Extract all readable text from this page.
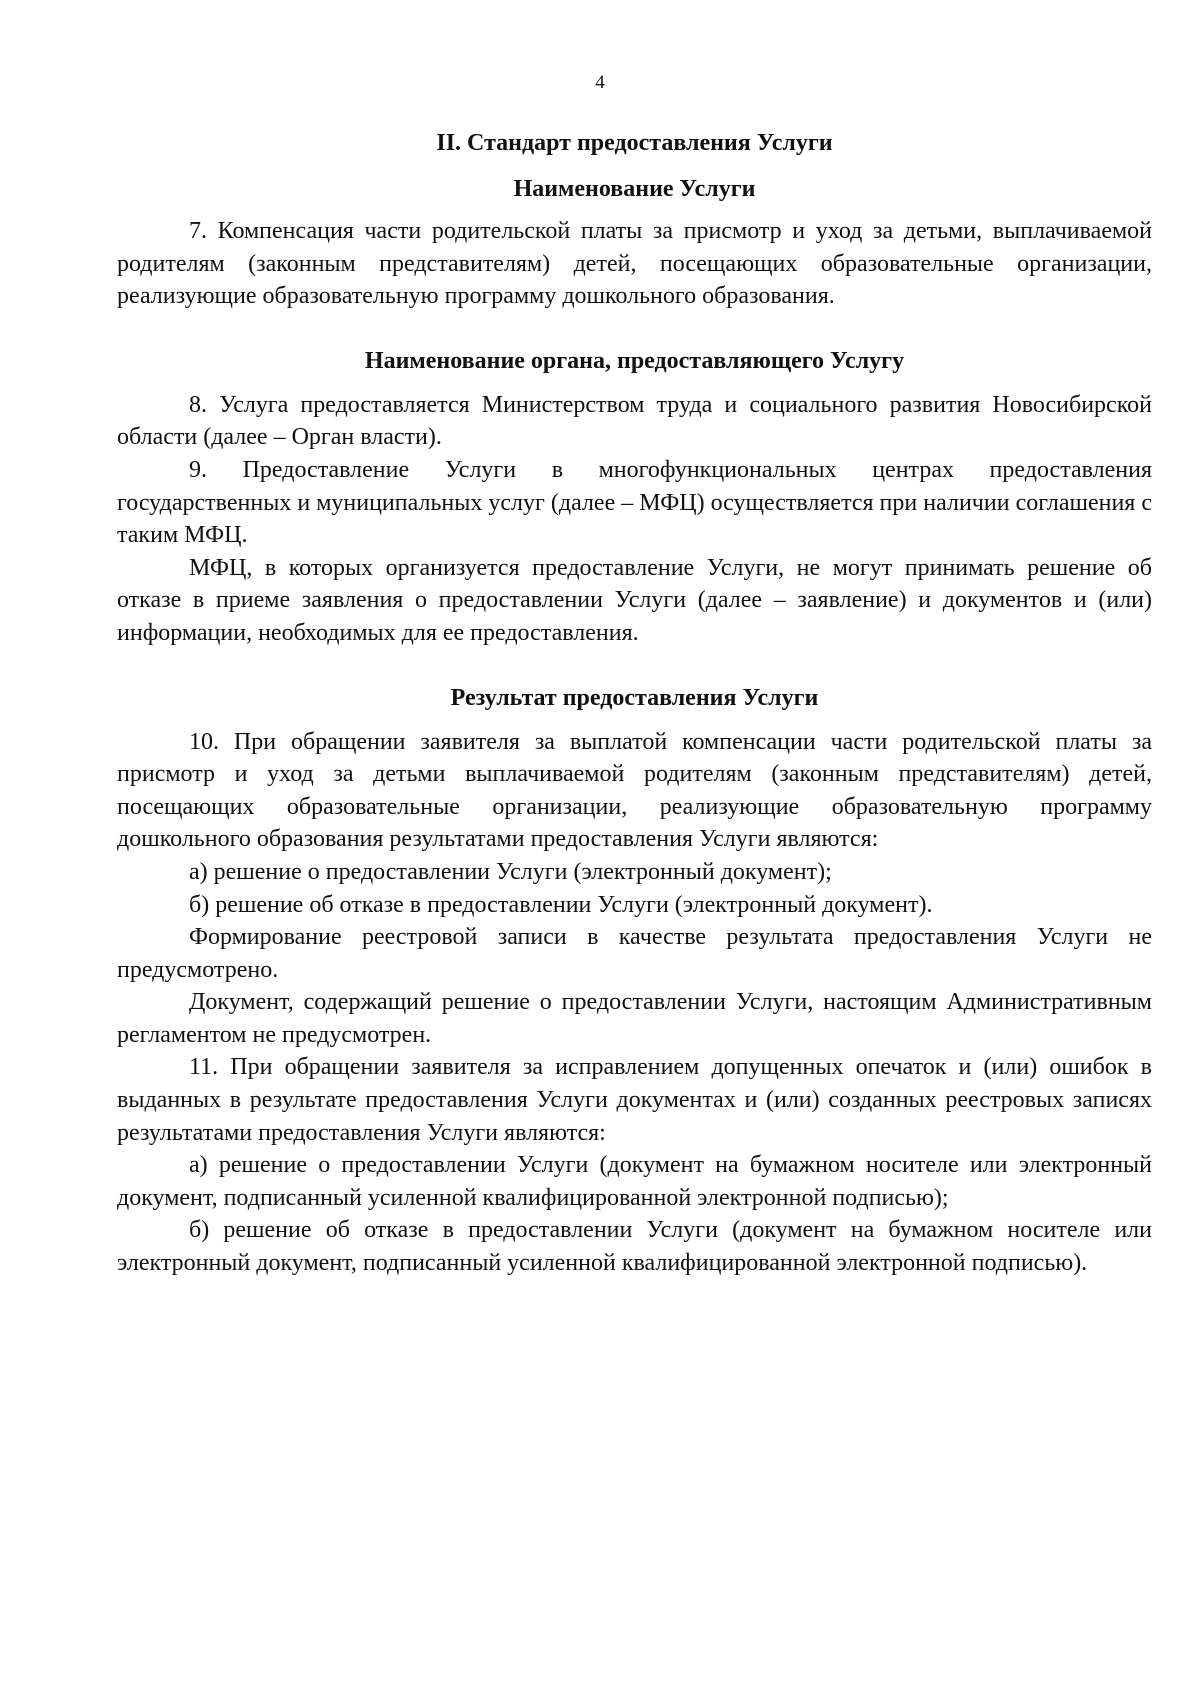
4
II. Стандарт предоставления Услуги
Наименование Услуги

7. Компенсация части родительской платы за присмотр и уход за детьми, выплачиваемой родителям (законным представителям) детей, посещающих образовательные организации, реализующие образовательную программу дошкольного образования.

Наименование органа, предоставляющего Услугу

8. Услуга предоставляется Министерством труда и социального развития Новосибирской области (далее – Орган власти).

9. Предоставление Услуги в многофункциональных центрах предоставления государственных и муниципальных услуг (далее – МФЦ) осуществляется при наличии соглашения с таким МФЦ.

МФЦ, в которых организуется предоставление Услуги, не могут принимать решение об отказе в приеме заявления о предоставлении Услуги (далее – заявление) и документов и (или) информации, необходимых для ее предоставления.

Результат предоставления Услуги

10. При обращении заявителя за выплатой компенсации части родительской платы за присмотр и уход за детьми выплачиваемой родителям (законным представителям) детей, посещающих образовательные организации, реализующие образовательную программу дошкольного образования результатами предоставления Услуги являются:

а) решение о предоставлении Услуги (электронный документ);

б) решение об отказе в предоставлении Услуги (электронный документ).

Формирование реестровой записи в качестве результата предоставления Услуги не предусмотрено.

Документ, содержащий решение о предоставлении Услуги, настоящим Административным регламентом не предусмотрен.

11. При обращении заявителя за исправлением допущенных опечаток и (или) ошибок в выданных в результате предоставления Услуги документах и (или) созданных реестровых записях результатами предоставления Услуги являются:

а) решение о предоставлении Услуги (документ на бумажном носителе или электронный документ, подписанный усиленной квалифицированной электронной подписью);

б) решение об отказе в предоставлении Услуги (документ на бумажном носителе или электронный документ, подписанный усиленной квалифицированной электронной подписью).
